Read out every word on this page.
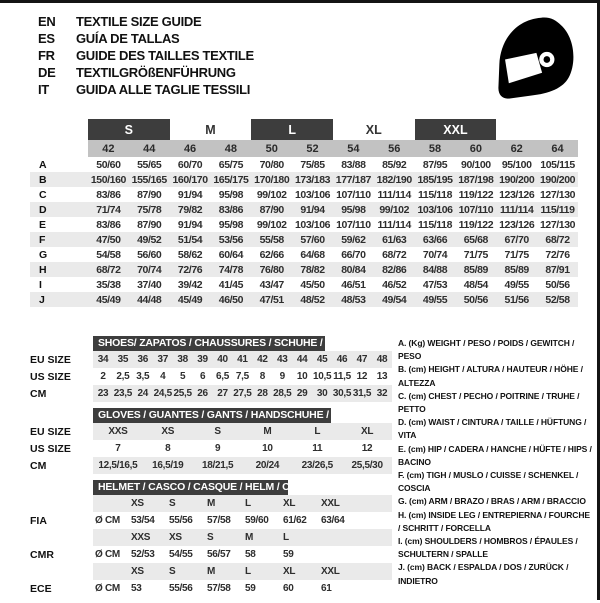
EN	TEXTILE SIZE GUIDE
ES	GUÍA DE TALLAS
FR	GUIDE DES TAILLES TEXTILE
DE	TEXTILGRÖßENFÜHRUNG
IT	GUIDA ALLE TAGLIE TESSILI
	S		M		L		XL		XXL			
	42	44	46	48	50	52	54	56	58	60	62	64
A	50/60	55/65	60/70	65/75	70/80	75/85	83/88	85/92	87/95	90/100	95/100	105/115
B	150/160	155/165	160/170	165/175	170/180	173/183	177/187	182/190	185/195	187/198	190/200	190/200
C	83/86	87/90	91/94	95/98	99/102	103/106	107/110	111/114	115/118	119/122	123/126	127/130
D	71/74	75/78	79/82	83/86	87/90	91/94	95/98	99/102	103/106	107/110	111/114	115/119
E	83/86	87/90	91/94	95/98	99/102	103/106	107/110	111/114	115/118	119/122	123/126	127/130
F	47/50	49/52	51/54	53/56	55/58	57/60	59/62	61/63	63/66	65/68	67/70	68/72
G	54/58	56/60	58/62	60/64	62/66	64/68	66/70	68/72	70/74	71/75	71/75	72/76
H	68/72	70/74	72/76	74/78	76/80	78/82	80/84	82/86	84/88	85/89	85/89	87/91
I	35/38	37/40	39/42	41/45	43/47	45/50	46/51	46/52	47/53	48/54	49/55	50/56
J	45/49	44/48	45/49	46/50	47/51	48/52	48/53	49/54	49/55	50/56	51/56	52/58
SHOES/ ZAPATOS / CHAUSSURES / SCHUHE / SCARPE
EU SIZE	34	35	36	37	38	39	40	41	42	43	44	45	46	47	48
US SIZE	2	2,5	3,5	4	5	6	6,5	7,5	8	9	10	10,5	11,5	12	13
CM	23	23,5	24	24,5	25,5	26	27	27,5	28	28,5	29	30	30,5	31,5	32
GLOVES / GUANTES / GANTS / HANDSCHUHE / GUANTI
EU SIZE	XXS	XS	S	M	L	XL
US SIZE	7	8	9	10	11	12
CM	12,5/16,5	16,5/19	18/21,5	20/24	23/26,5	25,5/30
HELMET / CASCO / CASQUE / HELM / CASCO
		XS	S	M	L	XL	XXL	
FIA	Ø CM	53/54	55/56	57/58	59/60	61/62	63/64	
		XXS	XS	S	M	L		
CMR	Ø CM	52/53	54/55	56/57	58	59		
		XS	S	M	L	XL	XXL	
ECE	Ø CM	53	55/56	57/58	59	60	61	
A. (Kg) WEIGHT / PESO / POIDS / GEWITCH / PESO
B. (cm) HEIGHT / ALTURA / HAUTEUR / HÖHE / ALTEZZA
C. (cm) CHEST / PECHO / POITRINE / TRUHE / PETTO
D. (cm) WAIST / CINTURA / TAILLE / HÜFTUNG / VITA
E. (cm) HIP / CADERA / HANCHE / HÜFTE / HIPS / BACINO
F. (cm) TIGH / MUSLO / CUISSE / SCHENKEL / COSCIA
G. (cm) ARM / BRAZO / BRAS / ARM / BRACCIO
H. (cm) INSIDE LEG / ENTREPIERNA / FOURCHE / SCHRITT / FORCELLA
I. (cm) SHOULDERS / HOMBROS / ÉPAULES / SCHULTERN / SPALLE
J. (cm) BACK / ESPALDA / DOS / ZURÜCK / INDIETRO
